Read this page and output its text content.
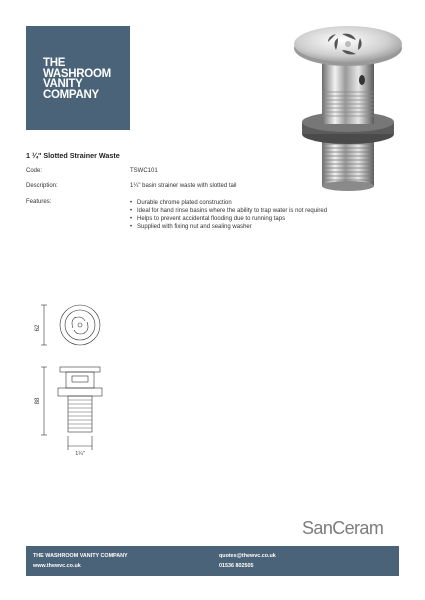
THE
WASHROOM
VANITY
COMPANY
1 ¼" Slotted Strainer Waste
Code:	TSWC101
Description:	1¼" basin strainer waste with slotted tail
Features:
•	Durable chrome plated construction
• Ideal for hand rinse basins where the ability to trap water is not required
• Helps to prevent accidental flooding due to running taps
• Supplied with fixing nut and sealing washer
62
88
1¼"
SanCeram
THE WASHROOM VANITY COMPANY
www.thewvc.co.uk
quotes@thewvc.co.uk
01536 802505
